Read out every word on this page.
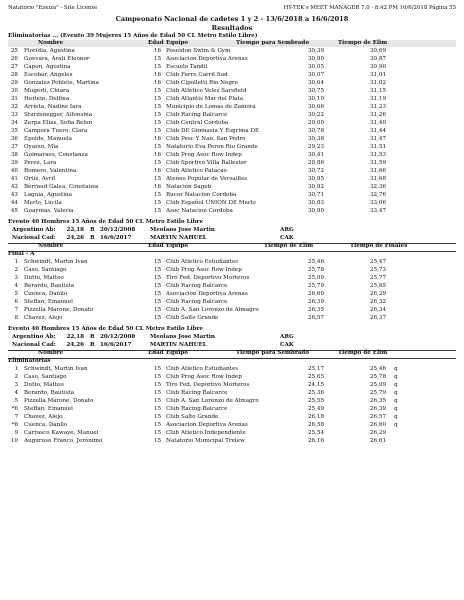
Natatorio "Ezeiza" - Site License	HY-TEK's MEET MANAGER 7.0 - 8:42 PM 16/6/2018 Página 55
Campeonato Nacional de cadetes 1 y 2 - 13/6/2018 a 16/6/2018
Resultados
Eliminatorias ... (Evento 39 Mujeres 15 Años de Edad 50 CL Metro Estilo Libre)
Nombre	Edad Equipo	Tiempo para Sembrado	Tiempo de Elim
25 Floridia, Agustina	16 Poseidon Swim & Gym	30,39	30,69
26 Guevara, Arati Eleonor	15 Asociacion Deportiva Arenas	30,90	30,87
27 Capon, Agostina	15 Escuelo Tandil	30,05	30,90
28 Escobar, Angeles	16 Club Ferro Carril Sud	30,07	31,01
29 Gonzalez Poblete, Martina	16 Club Cipolletti Rio Negro	30,64	31,02
30 Mugerli, Chiara	15 Club Atlético Velez Sarsfield	30,75	31,15
31 Herlein, Delfina	15 Club Atlantis Mar del Plata	30,10	31,19
32 Arrieta, Nadine Iara	15 Municipio de Lomas de Zamora	30,66	31,23
33 Sturzenegger, Alfonsina	15 Club Racing Balcarce	30,22	31,26
34 Zerpa Elias, Sofia Belen	15 Club Central Cordoba	29,00	31,40
35 Campora Tuero, Clara	15 Club DE Gimnasia Y Esgrima DE	30,78	31,44
36 Epolde, Manuela	16 Club Pesc Y Nau. San Pedro	30,38	31,47
37 Oyarzo, Mia	15 Natatorio Eva Peron Rio Grande	29,23	31,51
38 Guimaraes, Constanza	16 Club Prog Asoc Row Indep	30,41	31,53
39 Perez, Lara	15 Club Sportivo Villa Ballester	29,86	31,59
40 Romero, Valentina	16 Club Atletico Patacao	30,72	31,66
41 Ortiz, Avril	15 Ateneo Popular de Versailles	30,95	31,68
42 Berraud Galea, Constanza	16 Natación Sageb	30,92	32,36
43 Laguia, Agustina	15 Bucor Natacion Cordoba	30,71	32,76
44 Merlo, Lucila	15 Club Español UNION DE Merlo	30,83	33,06
45 Guaymas, Valeria	15 Asoc Natacion Cordoba	30,90	33,47
Evento 40 Hombres 15 Años de Edad 50 CL Metro Estilo Libre
Argentino Ab:	22,18 R 20/12/2008	Meolans Jose Martin	ARG
Nacional Cad:	24,26 R 16/6/2017	MARTIN NAHUEL	CAK
Nombre	Edad Equipo	Tiempo de Elim	Tiempo de Finales
Final - A
1 Schwindt, Martin Ivan	15 Club Atletico Estudiantes	25,46	25,47
2 Caso, Santiago	15 Club Prog Asoc Row Indep	25,78	25,73
3 Dutto, Matteo	15 Tiro Fed. Deportivo Morteros	25,09	25,77
4 Berardo, Bautista	15 Club Racing Balcarce	25,79	25,85
5 Cuenca, Danilo	15 Asociacion Deportiva Arenas	26,60	26,29
6 Steffan, Emanuel	15 Club Racing Balcarce	26,39	26,32
7 Pizzella Marone, Donato	15 Club A. San Lorenzo de Almagro	26,35	26,34
8 Chavez, Alejo	15 Club Salto Grande	26,57	26,37
Evento 40 Hombres 15 Años de Edad 50 CL Metro Estilo Libre
Argentino Ab:	22,18 R 20/12/2008	Meolans Jose Martin	ARG
Nacional Cad:	24,26 R 16/6/2017	MARTIN NAHUEL	CAK
Nombre	Edad Equipo	Tiempo para Sembrado	Tiempo de Elim
Eliminatorias
1 Schwindt, Martin Ivan	15 Club Atletico Estudiantes	25,17	25,46 q
2 Caso, Santiago	15 Club Prog Asoc Row Indep	25,65	25,78 q
3 Dutto, Matteo	15 Tiro Fed. Deportivo Morteros	24,15	25,09 q
4 Berardo, Bautista	15 Club Racing Balcarce	25,36	25,79 q
5 Pizzella Marone, Donato	15 Club A. San Lorenzo de Almagro	25,55	26,35 q
*6 Steffan, Emanuel	15 Club Racing Balcarce	25,49	26,39 q
7 Chavez, Alejo	15 Club Salto Grande	26,18	26,57 q
*8 Cuenca, Danilo	15 Asociacion Deportiva Arenas	26,58	26,60 q
9 Carrasco Kawaye, Manuel	15 Club Atletico Independiente	25,54	26,29
10 Auguruso Franco, Jerónimo	15 Natatorio Municipal Trelew	26,16	26,61
